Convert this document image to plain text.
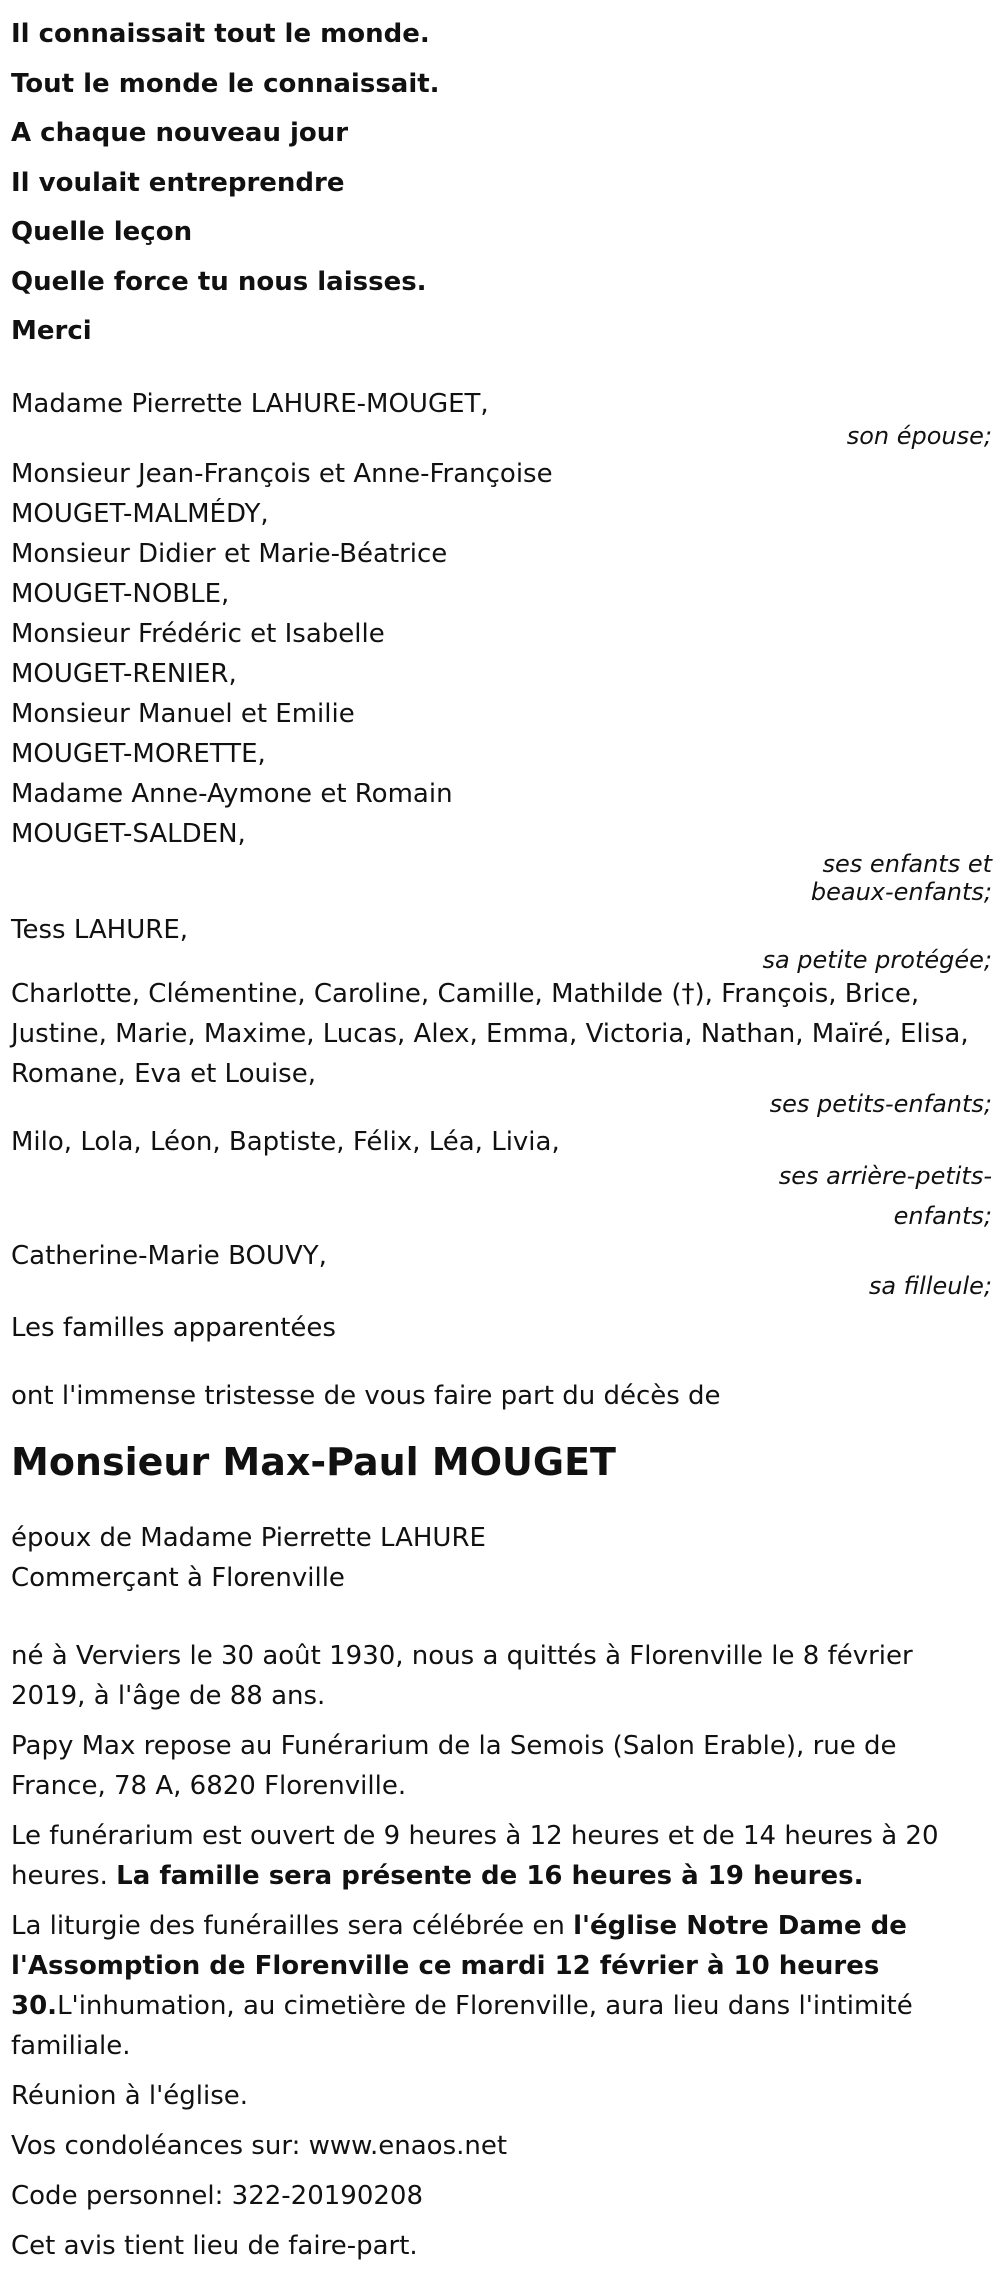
Il connaissait tout le monde.

Tout le monde le connaissait.

A chaque nouveau jour

Il voulait entreprendre

Quelle leçon

Quelle force tu nous laisses.

Merci

Madame Pierrette LAHURE-MOUGET,

son épouse;

Monsieur Jean-François et Anne-Françoise
MOUGET-MALMÉDY,
Monsieur Didier et Marie-Béatrice
MOUGET-NOBLE,
Monsieur Frédéric et Isabelle
MOUGET-RENIER,
Monsieur Manuel et Emilie
MOUGET-MORETTE,
Madame Anne-Aymone et Romain
MOUGET-SALDEN,

ses enfants et
beaux-enfants;

Tess LAHURE,

sa petite protégée;

Charlotte, Clémentine, Caroline, Camille, Mathilde (†), François, Brice,
Justine, Marie, Maxime, Lucas, Alex, Emma, Victoria, Nathan, Maïré, Elisa,
Romane, Eva et Louise,

ses petits-enfants;

Milo, Lola, Léon, Baptiste, Félix, Léa, Livia,

ses arrière-petits-
enfants;

Catherine-Marie BOUVY,

sa filleule;

Les familles apparentées

ont l'immense tristesse de vous faire part du décès de

Monsieur Max-Paul MOUGET

époux de Madame Pierrette LAHURE

Commerçant à Florenville

né à Verviers le 30 août 1930, nous a quittés à Florenville le 8 février 2019, à l'âge de 88 ans.

Papy Max repose au Funérarium de la Semois (Salon Erable), rue de France, 78 A, 6820 Florenville.

Le funérarium est ouvert de 9 heures à 12 heures et de 14 heures à 20 heures. La famille sera présente de 16 heures à 19 heures.

La liturgie des funérailles sera célébrée en l'église Notre Dame de l'Assomption de Florenville ce mardi 12 février à 10 heures 30.L'inhumation, au cimetière de Florenville, aura lieu dans l'intimité familiale.

Réunion à l'église.

Vos condoléances sur: www.enaos.net

Code personnel: 322-20190208

Cet avis tient lieu de faire-part.
